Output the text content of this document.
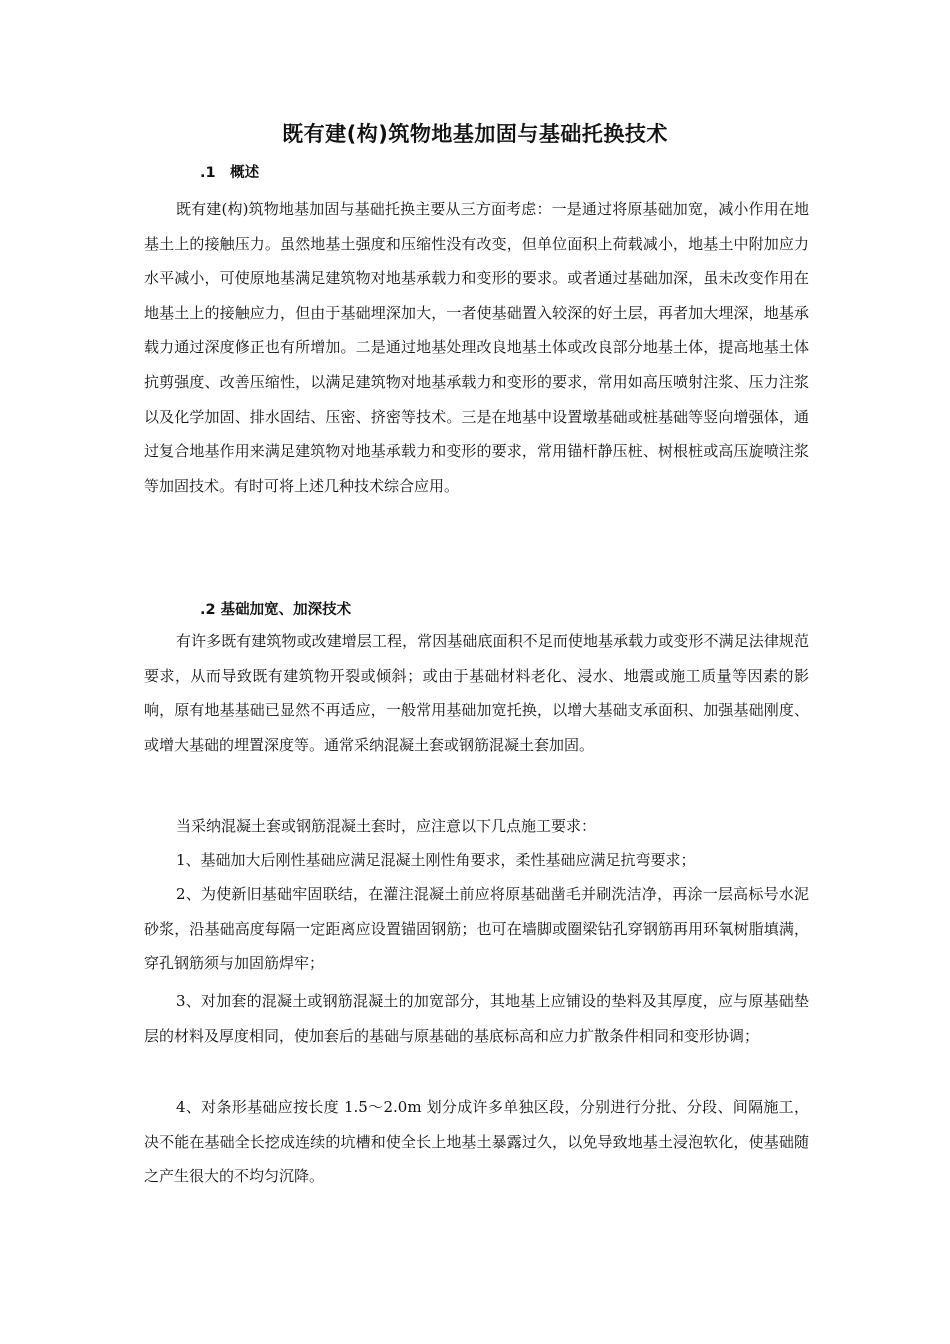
既有建(构)筑物地基加固与基础托换技术
.1　概述

既有建(构)筑物地基加固与基础托换主要从三方面考虑：一是通过将原基础加宽，减小作用在地基土上的接触压力。虽然地基土强度和压缩性没有改变，但单位面积上荷载减小，地基土中附加应力水平减小，可使原地基满足建筑物对地基承载力和变形的要求。或者通过基础加深，虽未改变作用在地基土上的接触应力，但由于基础埋深加大，一者使基础置入较深的好土层，再者加大埋深，地基承载力通过深度修正也有所增加。二是通过地基处理改良地基土体或改良部分地基土体，提高地基土体抗剪强度、改善压缩性，以满足建筑物对地基承载力和变形的要求，常用如高压喷射注浆、压力注浆以及化学加固、排水固结、压密、挤密等技术。三是在地基中设置墩基础或桩基础等竖向增强体，通过复合地基作用来满足建筑物对地基承载力和变形的要求，常用锚杆静压桩、树根桩或高压旋喷注浆等加固技术。有时可将上述几种技术综合应用。

.2 基础加宽、加深技术

有许多既有建筑物或改建增层工程，常因基础底面积不足而使地基承载力或变形不满足法律规范要求，从而导致既有建筑物开裂或倾斜；或由于基础材料老化、浸水、地震或施工质量等因素的影响，原有地基基础已显然不再适应，一般常用基础加宽托换，以增大基础支承面积、加强基础刚度、或增大基础的埋置深度等。通常采纳混凝土套或钢筋混凝土套加固。

当采纳混凝土套或钢筋混凝土套时，应注意以下几点施工要求：

1、基础加大后刚性基础应满足混凝土刚性角要求，柔性基础应满足抗弯要求；

2、为使新旧基础牢固联结，在灌注混凝土前应将原基础凿毛并刷洗洁净，再涂一层高标号水泥砂浆，沿基础高度每隔一定距离应设置锚固钢筋；也可在墙脚或圈梁钻孔穿钢筋再用环氧树脂填满，穿孔钢筋须与加固筋焊牢；

3、对加套的混凝土或钢筋混凝土的加宽部分，其地基上应铺设的垫料及其厚度，应与原基础垫层的材料及厚度相同，使加套后的基础与原基础的基底标高和应力扩散条件相同和变形协调；

4、对条形基础应按长度 1.5～2.0m 划分成许多单独区段，分别进行分批、分段、间隔施工，决不能在基础全长挖成连续的坑槽和使全长上地基土暴露过久，以免导致地基土浸泡软化，使基础随之产生很大的不均匀沉降。
